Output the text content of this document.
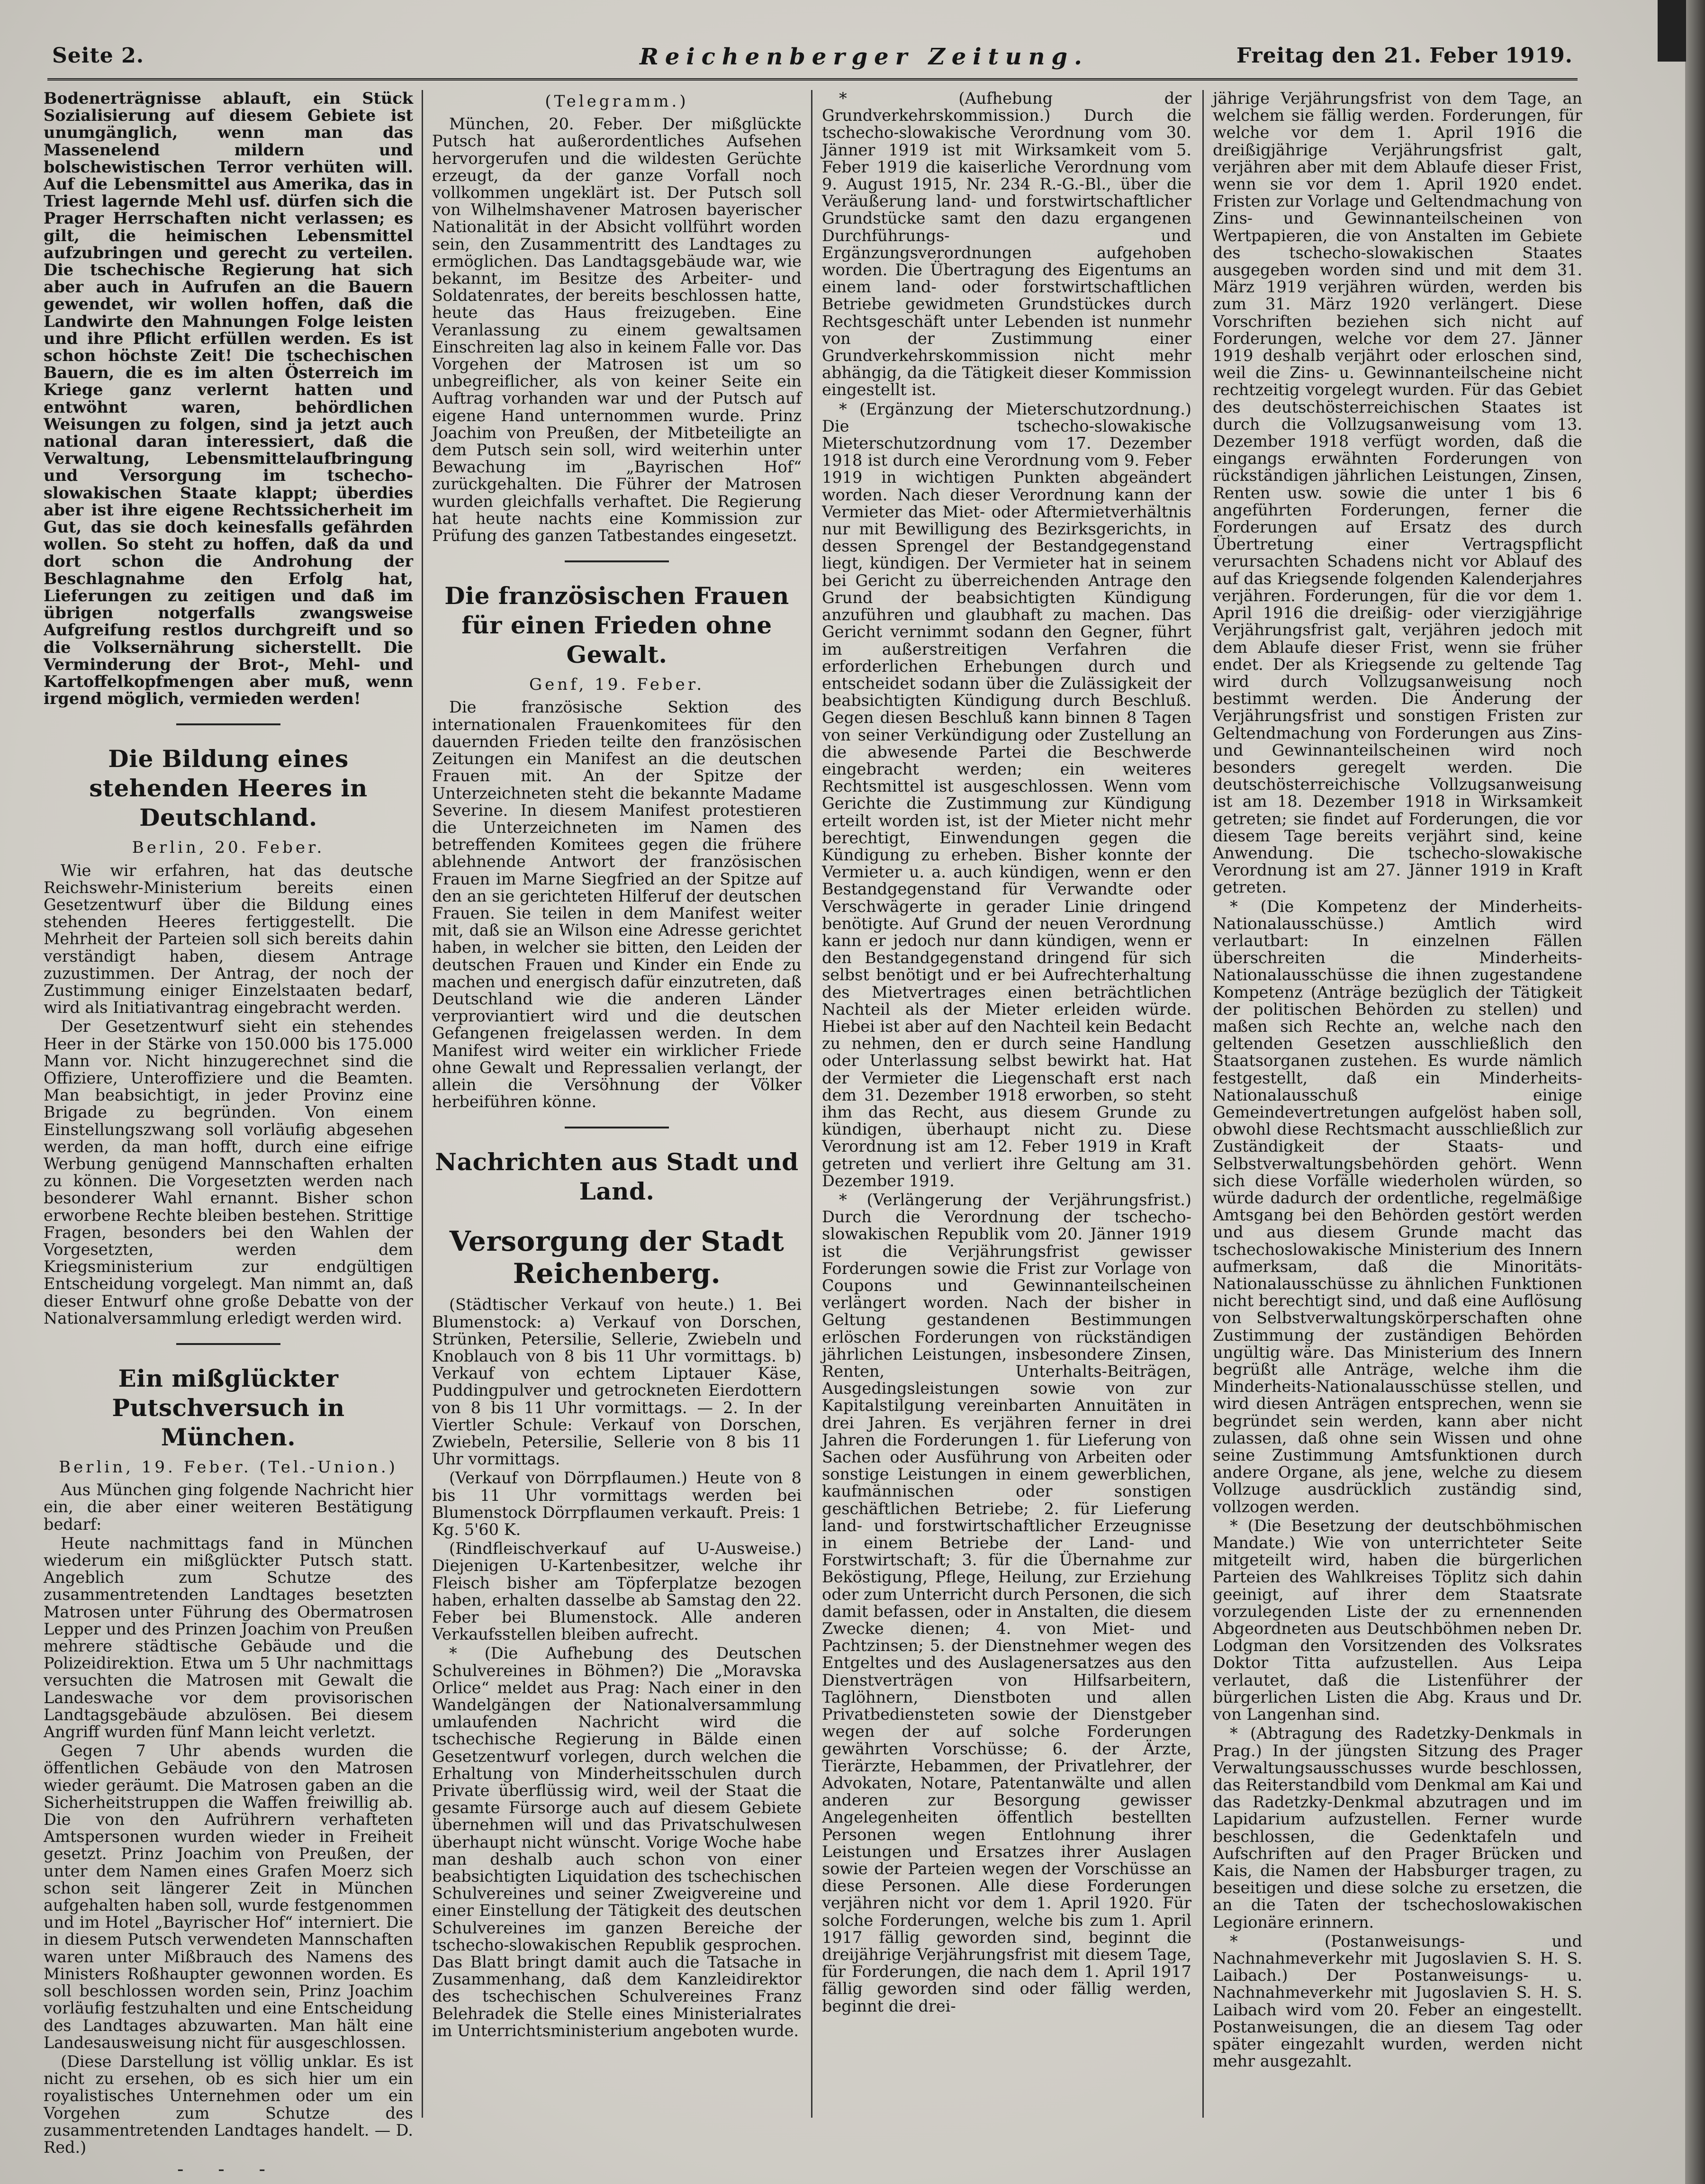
Seite 2.	Reichenberger Zeitung.	Freitag den 21. Feber 1919.

Bodenerträgnisse ablauft, ein Stück Sozialisierung auf diesem Gebiete ist unumgänglich, wenn man das Massenelend mildern und bolschewistischen Terror verhüten will. Auf die Lebensmittel aus Amerika, das in Triest lagernde Mehl usf. dürfen sich die Prager Herrschaften nicht verlassen; es gilt, die heimischen Lebensmittel aufzubringen und gerecht zu verteilen. Die tschechische Regierung hat sich aber auch in Aufrufen an die Bauern gewendet, wir wollen hoffen, daß die Landwirte den Mahnungen Folge leisten und ihre Pflicht erfüllen werden. Es ist schon höchste Zeit! Die tschechischen Bauern, die es im alten Österreich im Kriege ganz verlernt hatten und entwöhnt waren, behördlichen Weisungen zu folgen, sind ja jetzt auch national daran interessiert, daß die Verwaltung, Lebensmittelaufbringung und Versorgung im tschecho-slowakischen Staate klappt; überdies aber ist ihre eigene Rechtssicherheit im Gut, das sie doch keinesfalls gefährden wollen. So steht zu hoffen, daß da und dort schon die Androhung der Beschlagnahme den Erfolg hat, Lieferungen zu zeitigen und daß im übrigen notgerfalls zwangsweise Aufgreifung restlos durchgreift und so die Volksernährung sicherstellt. Die Verminderung der Brot-, Mehl- und Kartoffelkopfmengen aber muß, wenn irgend möglich, vermieden werden!

Die Bildung eines stehenden Heeres in Deutschland.
Berlin, 20. Feber.

Wie wir erfahren, hat das deutsche Reichswehr-Ministerium bereits einen Gesetzentwurf über die Bildung eines stehenden Heeres fertiggestellt. Die Mehrheit der Parteien soll sich bereits dahin verständigt haben, diesem Antrage zuzustimmen. Der Antrag, der noch der Zustimmung einiger Einzelstaaten bedarf, wird als Initiativantrag eingebracht werden.

Der Gesetzentwurf sieht ein stehendes Heer in der Stärke von 150.000 bis 175.000 Mann vor. Nicht hinzugerechnet sind die Offiziere, Unteroffiziere und die Beamten. Man beabsichtigt, in jeder Provinz eine Brigade zu begründen. Von einem Einstellungszwang soll vorläufig abgesehen werden, da man hofft, durch eine eifrige Werbung genügend Mannschaften erhalten zu können. Die Vorgesetzten werden nach besonderer Wahl ernannt. Bisher schon erworbene Rechte bleiben bestehen. Strittige Fragen, besonders bei den Wahlen der Vorgesetzten, werden dem Kriegsministerium zur endgültigen Entscheidung vorgelegt. Man nimmt an, daß dieser Entwurf ohne große Debatte von der Nationalversammlung erledigt werden wird.

Ein mißglückter Putschversuch in München.
Berlin, 19. Feber. (Tel.-Union.)

Aus München ging folgende Nachricht hier ein, die aber einer weiteren Bestätigung bedarf:

Heute nachmittags fand in München wiederum ein mißglückter Putsch statt. Angeblich zum Schutze des zusammentretenden Landtages besetzten Matrosen unter Führung des Obermatrosen Lepper und des Prinzen Joachim von Preußen mehrere städtische Gebäude und die Polizeidirektion. Etwa um 5 Uhr nachmittags versuchten die Matrosen mit Gewalt die Landeswache vor dem provisorischen Landtagsgebäude abzulösen. Bei diesem Angriff wurden fünf Mann leicht verletzt.

Gegen 7 Uhr abends wurden die öffentlichen Gebäude von den Matrosen wieder geräumt. Die Matrosen gaben an die Sicherheitstruppen die Waffen freiwillig ab. Die von den Aufrührern verhafteten Amtspersonen wurden wieder in Freiheit gesetzt. Prinz Joachim von Preußen, der unter dem Namen eines Grafen Moerz sich schon seit längerer Zeit in München aufgehalten haben soll, wurde festgenommen und im Hotel „Bayrischer Hof“ interniert. Die in diesem Putsch verwendeten Mannschaften waren unter Mißbrauch des Namens des Ministers Roßhaupter gewonnen worden. Es soll beschlossen worden sein, Prinz Joachim vorläufig festzuhalten und eine Entscheidung des Landtages abzuwarten. Man hält eine Landesausweisung nicht für ausgeschlossen.

(Diese Darstellung ist völlig unklar. Es ist nicht zu ersehen, ob es sich hier um ein royalistisches Unternehmen oder um ein Vorgehen zum Schutze des zusammentretenden Landtages handelt. — D. Red.)

- - -
(Telegramm.)

München, 20. Feber. Der mißglückte Putsch hat außerordentliches Aufsehen hervorgerufen und die wildesten Gerüchte erzeugt, da der ganze Vorfall noch vollkommen ungeklärt ist. Der Putsch soll von Wilhelmshavener Matrosen bayerischer Nationalität in der Absicht vollführt worden sein, den Zusammentritt des Landtages zu ermöglichen. Das Landtagsgebäude war, wie bekannt, im Besitze des Arbeiter- und Soldatenrates, der bereits beschlossen hatte, heute das Haus freizugeben. Eine Veranlassung zu einem gewaltsamen Einschreiten lag also in keinem Falle vor. Das Vorgehen der Matrosen ist um so unbegreiflicher, als von keiner Seite ein Auftrag vorhanden war und der Putsch auf eigene Hand unternommen wurde. Prinz Joachim von Preußen, der Mitbeteiligte an dem Putsch sein soll, wird weiterhin unter Bewachung im „Bayrischen Hof“ zurückgehalten. Die Führer der Matrosen wurden gleichfalls verhaftet. Die Regierung hat heute nachts eine Kommission zur Prüfung des ganzen Tatbestandes eingesetzt.

Die französischen Frauen für einen Frieden ohne Gewalt.
Genf, 19. Feber.

Die französische Sektion des internationalen Frauenkomitees für den dauernden Frieden teilte den französischen Zeitungen ein Manifest an die deutschen Frauen mit. An der Spitze der Unterzeichneten steht die bekannte Madame Severine. In diesem Manifest protestieren die Unterzeichneten im Namen des betreffenden Komitees gegen die frühere ablehnende Antwort der französischen Frauen im Marne Siegfried an der Spitze auf den an sie gerichteten Hilferuf der deutschen Frauen. Sie teilen in dem Manifest weiter mit, daß sie an Wilson eine Adresse gerichtet haben, in welcher sie bitten, den Leiden der deutschen Frauen und Kinder ein Ende zu machen und energisch dafür einzutreten, daß Deutschland wie die anderen Länder verproviantiert wird und die deutschen Gefangenen freigelassen werden. In dem Manifest wird weiter ein wirklicher Friede ohne Gewalt und Repressalien verlangt, der allein die Versöhnung der Völker herbeiführen könne.

Nachrichten aus Stadt und Land.
Versorgung der Stadt Reichenberg.

(Städtischer Verkauf von heute.) 1. Bei Blumenstock: a) Verkauf von Dorschen, Strünken, Petersilie, Sellerie, Zwiebeln und Knoblauch von 8 bis 11 Uhr vormittags. b) Verkauf von echtem Liptauer Käse, Puddingpulver und getrockneten Eierdottern von 8 bis 11 Uhr vormittags. — 2. In der Viertler Schule: Verkauf von Dorschen, Zwiebeln, Petersilie, Sellerie von 8 bis 11 Uhr vormittags.

(Verkauf von Dörrpflaumen.) Heute von 8 bis 11 Uhr vormittags werden bei Blumenstock Dörrpflaumen verkauft. Preis: 1 Kg. 5'60 K.

(Rindfleischverkauf auf U-Ausweise.) Diejenigen U-Kartenbesitzer, welche ihr Fleisch bisher am Töpferplatze bezogen haben, erhalten dasselbe ab Samstag den 22. Feber bei Blumenstock. Alle anderen Verkaufsstellen bleiben aufrecht.

* (Die Aufhebung des Deutschen Schulvereines in Böhmen?) Die „Moravska Orlice“ meldet aus Prag: Nach einer in den Wandelgängen der Nationalversammlung umlaufenden Nachricht wird die tschechische Regierung in Bälde einen Gesetzentwurf vorlegen, durch welchen die Erhaltung von Minderheitsschulen durch Private überflüssig wird, weil der Staat die gesamte Fürsorge auch auf diesem Gebiete übernehmen will und das Privatschulwesen überhaupt nicht wünscht. Vorige Woche habe man deshalb auch schon von einer beabsichtigten Liquidation des tschechischen Schulvereines und seiner Zweigvereine und einer Einstellung der Tätigkeit des deutschen Schulvereines im ganzen Bereiche der tschecho-slowakischen Republik gesprochen. Das Blatt bringt damit auch die Tatsache in Zusammenhang, daß dem Kanzleidirektor des tschechischen Schulvereines Franz Belehradek die Stelle eines Ministerialrates im Unterrichtsministerium angeboten wurde.

* (Aufhebung der Grundverkehrskommission.) Durch die tschecho-slowakische Verordnung vom 30. Jänner 1919 ist mit Wirksamkeit vom 5. Feber 1919 die kaiserliche Verordnung vom 9. August 1915, Nr. 234 R.-G.-Bl., über die Veräußerung land- und forstwirtschaftlicher Grundstücke samt den dazu ergangenen Durchführungs- und Ergänzungsverordnungen aufgehoben worden. Die Übertragung des Eigentums an einem land- oder forstwirtschaftlichen Betriebe gewidmeten Grundstückes durch Rechtsgeschäft unter Lebenden ist nunmehr von der Zustimmung einer Grundverkehrskommission nicht mehr abhängig, da die Tätigkeit dieser Kommission eingestellt ist.

* (Ergänzung der Mieterschutzordnung.) Die tschecho-slowakische Mieterschutzordnung vom 17. Dezember 1918 ist durch eine Verordnung vom 9. Feber 1919 in wichtigen Punkten abgeändert worden. Nach dieser Verordnung kann der Vermieter das Miet- oder Aftermietverhältnis nur mit Bewilligung des Bezirksgerichts, in dessen Sprengel der Bestandgegenstand liegt, kündigen. Der Vermieter hat in seinem bei Gericht zu überreichenden Antrage den Grund der beabsichtigten Kündigung anzuführen und glaubhaft zu machen. Das Gericht vernimmt sodann den Gegner, führt im außerstreitigen Verfahren die erforderlichen Erhebungen durch und entscheidet sodann über die Zulässigkeit der beabsichtigten Kündigung durch Beschluß. Gegen diesen Beschluß kann binnen 8 Tagen von seiner Verkündigung oder Zustellung an die abwesende Partei die Beschwerde eingebracht werden; ein weiteres Rechtsmittel ist ausgeschlossen. Wenn vom Gerichte die Zustimmung zur Kündigung erteilt worden ist, ist der Mieter nicht mehr berechtigt, Einwendungen gegen die Kündigung zu erheben. Bisher konnte der Vermieter u. a. auch kündigen, wenn er den Bestandgegenstand für Verwandte oder Verschwägerte in gerader Linie dringend benötigte. Auf Grund der neuen Verordnung kann er jedoch nur dann kündigen, wenn er den Bestandgegenstand dringend für sich selbst benötigt und er bei Aufrechterhaltung des Mietvertrages einen beträchtlichen Nachteil als der Mieter erleiden würde. Hiebei ist aber auf den Nachteil kein Bedacht zu nehmen, den er durch seine Handlung oder Unterlassung selbst bewirkt hat. Hat der Vermieter die Liegenschaft erst nach dem 31. Dezember 1918 erworben, so steht ihm das Recht, aus diesem Grunde zu kündigen, überhaupt nicht zu. Diese Verordnung ist am 12. Feber 1919 in Kraft getreten und verliert ihre Geltung am 31. Dezember 1919.

* (Verlängerung der Verjährungsfrist.) Durch die Verordnung der tschecho-slowakischen Republik vom 20. Jänner 1919 ist die Verjährungsfrist gewisser Forderungen sowie die Frist zur Vorlage von Coupons und Gewinnanteilscheinen verlängert worden. Nach der bisher in Geltung gestandenen Bestimmungen erlöschen Forderungen von rückständigen jährlichen Leistungen, insbesondere Zinsen, Renten, Unterhalts-Beiträgen, Ausgedingsleistungen sowie von zur Kapitalstilgung vereinbarten Annuitäten in drei Jahren. Es verjähren ferner in drei Jahren die Forderungen 1. für Lieferung von Sachen oder Ausführung von Arbeiten oder sonstige Leistungen in einem gewerblichen, kaufmännischen oder sonstigen geschäftlichen Betriebe; 2. für Lieferung land- und forstwirtschaftlicher Erzeugnisse in einem Betriebe der Land- und Forstwirtschaft; 3. für die Übernahme zur Beköstigung, Pflege, Heilung, zur Erziehung oder zum Unterricht durch Personen, die sich damit befassen, oder in Anstalten, die diesem Zwecke dienen; 4. von Miet- und Pachtzinsen; 5. der Dienstnehmer wegen des Entgeltes und des Auslagenersatzes aus den Dienstverträgen von Hilfsarbeitern, Taglöhnern, Dienstboten und allen Privatbediensteten sowie der Dienstgeber wegen der auf solche Forderungen gewährten Vorschüsse; 6. der Ärzte, Tierärzte, Hebammen, der Privatlehrer, der Advokaten, Notare, Patentanwälte und allen anderen zur Besorgung gewisser Angelegenheiten öffentlich bestellten Personen wegen Entlohnung ihrer Leistungen und Ersatzes ihrer Auslagen sowie der Parteien wegen der Vorschüsse an diese Personen. Alle diese Forderungen verjähren nicht vor dem 1. April 1920. Für solche Forderungen, welche bis zum 1. April 1917 fällig geworden sind, beginnt die dreijährige Verjährungsfrist mit diesem Tage, für Forderungen, die nach dem 1. April 1917 fällig geworden sind oder fällig werden, beginnt die drei-

jährige Verjährungsfrist von dem Tage, an welchem sie fällig werden. Forderungen, für welche vor dem 1. April 1916 die dreißigjährige Verjährungsfrist galt, verjähren aber mit dem Ablaufe dieser Frist, wenn sie vor dem 1. April 1920 endet. Fristen zur Vorlage und Geltendmachung von Zins- und Gewinnanteilscheinen von Wertpapieren, die von Anstalten im Gebiete des tschecho-slowakischen Staates ausgegeben worden sind und mit dem 31. März 1919 verjähren würden, werden bis zum 31. März 1920 verlängert. Diese Vorschriften beziehen sich nicht auf Forderungen, welche vor dem 27. Jänner 1919 deshalb verjährt oder erloschen sind, weil die Zins- u. Gewinnanteilscheine nicht rechtzeitig vorgelegt wurden. Für das Gebiet des deutschösterreichischen Staates ist durch die Vollzugsanweisung vom 13. Dezember 1918 verfügt worden, daß die eingangs erwähnten Forderungen von rückständigen jährlichen Leistungen, Zinsen, Renten usw. sowie die unter 1 bis 6 angeführten Forderungen, ferner die Forderungen auf Ersatz des durch Übertretung einer Vertragspflicht verursachten Schadens nicht vor Ablauf des auf das Kriegsende folgenden Kalenderjahres verjähren. Forderungen, für die vor dem 1. April 1916 die dreißig- oder vierzigjährige Verjährungsfrist galt, verjähren jedoch mit dem Ablaufe dieser Frist, wenn sie früher endet. Der als Kriegsende zu geltende Tag wird durch Vollzugsanweisung noch bestimmt werden. Die Änderung der Verjährungsfrist und sonstigen Fristen zur Geltendmachung von Forderungen aus Zins- und Gewinnanteilscheinen wird noch besonders geregelt werden. Die deutschösterreichische Vollzugsanweisung ist am 18. Dezember 1918 in Wirksamkeit getreten; sie findet auf Forderungen, die vor diesem Tage bereits verjährt sind, keine Anwendung. Die tschecho-slowakische Verordnung ist am 27. Jänner 1919 in Kraft getreten.

* (Die Kompetenz der Minderheits-Nationalausschüsse.) Amtlich wird verlautbart: In einzelnen Fällen überschreiten die Minderheits-Nationalausschüsse die ihnen zugestandene Kompetenz (Anträge bezüglich der Tätigkeit der politischen Behörden zu stellen) und maßen sich Rechte an, welche nach den geltenden Gesetzen ausschließlich den Staatsorganen zustehen. Es wurde nämlich festgestellt, daß ein Minderheits-Nationalausschuß einige Gemeindevertretungen aufgelöst haben soll, obwohl diese Rechtsmacht ausschließlich zur Zuständigkeit der Staats- und Selbstverwaltungsbehörden gehört. Wenn sich diese Vorfälle wiederholen würden, so würde dadurch der ordentliche, regelmäßige Amtsgang bei den Behörden gestört werden und aus diesem Grunde macht das tschechoslowakische Ministerium des Innern aufmerksam, daß die Minoritäts-Nationalausschüsse zu ähnlichen Funktionen nicht berechtigt sind, und daß eine Auflösung von Selbstverwaltungskörperschaften ohne Zustimmung der zuständigen Behörden ungültig wäre. Das Ministerium des Innern begrüßt alle Anträge, welche ihm die Minderheits-Nationalausschüsse stellen, und wird diesen Anträgen entsprechen, wenn sie begründet sein werden, kann aber nicht zulassen, daß ohne sein Wissen und ohne seine Zustimmung Amtsfunktionen durch andere Organe, als jene, welche zu diesem Vollzuge ausdrücklich zuständig sind, vollzogen werden.

* (Die Besetzung der deutschböhmischen Mandate.) Wie von unterrichteter Seite mitgeteilt wird, haben die bürgerlichen Parteien des Wahlkreises Töplitz sich dahin geeinigt, auf ihrer dem Staatsrate vorzulegenden Liste der zu ernennenden Abgeordneten aus Deutschböhmen neben Dr. Lodgman den Vorsitzenden des Volksrates Doktor Titta aufzustellen. Aus Leipa verlautet, daß die Listenführer der bürgerlichen Listen die Abg. Kraus und Dr. von Langenhan sind.

* (Abtragung des Radetzky-Denkmals in Prag.) In der jüngsten Sitzung des Prager Verwaltungsausschusses wurde beschlossen, das Reiterstandbild vom Denkmal am Kai und das Radetzky-Denkmal abzutragen und im Lapidarium aufzustellen. Ferner wurde beschlossen, die Gedenktafeln und Aufschriften auf den Prager Brücken und Kais, die Namen der Habsburger tragen, zu beseitigen und diese solche zu ersetzen, die an die Taten der tschechoslowakischen Legionäre erinnern.

* (Postanweisungs- und Nachnahmeverkehr mit Jugoslavien S. H. S. Laibach.) Der Postanweisungs- u. Nachnahmeverkehr mit Jugoslavien S. H. S. Laibach wird vom 20. Feber an eingestellt. Postanweisungen, die an diesem Tag oder später eingezahlt wurden, werden nicht mehr ausgezahlt.
